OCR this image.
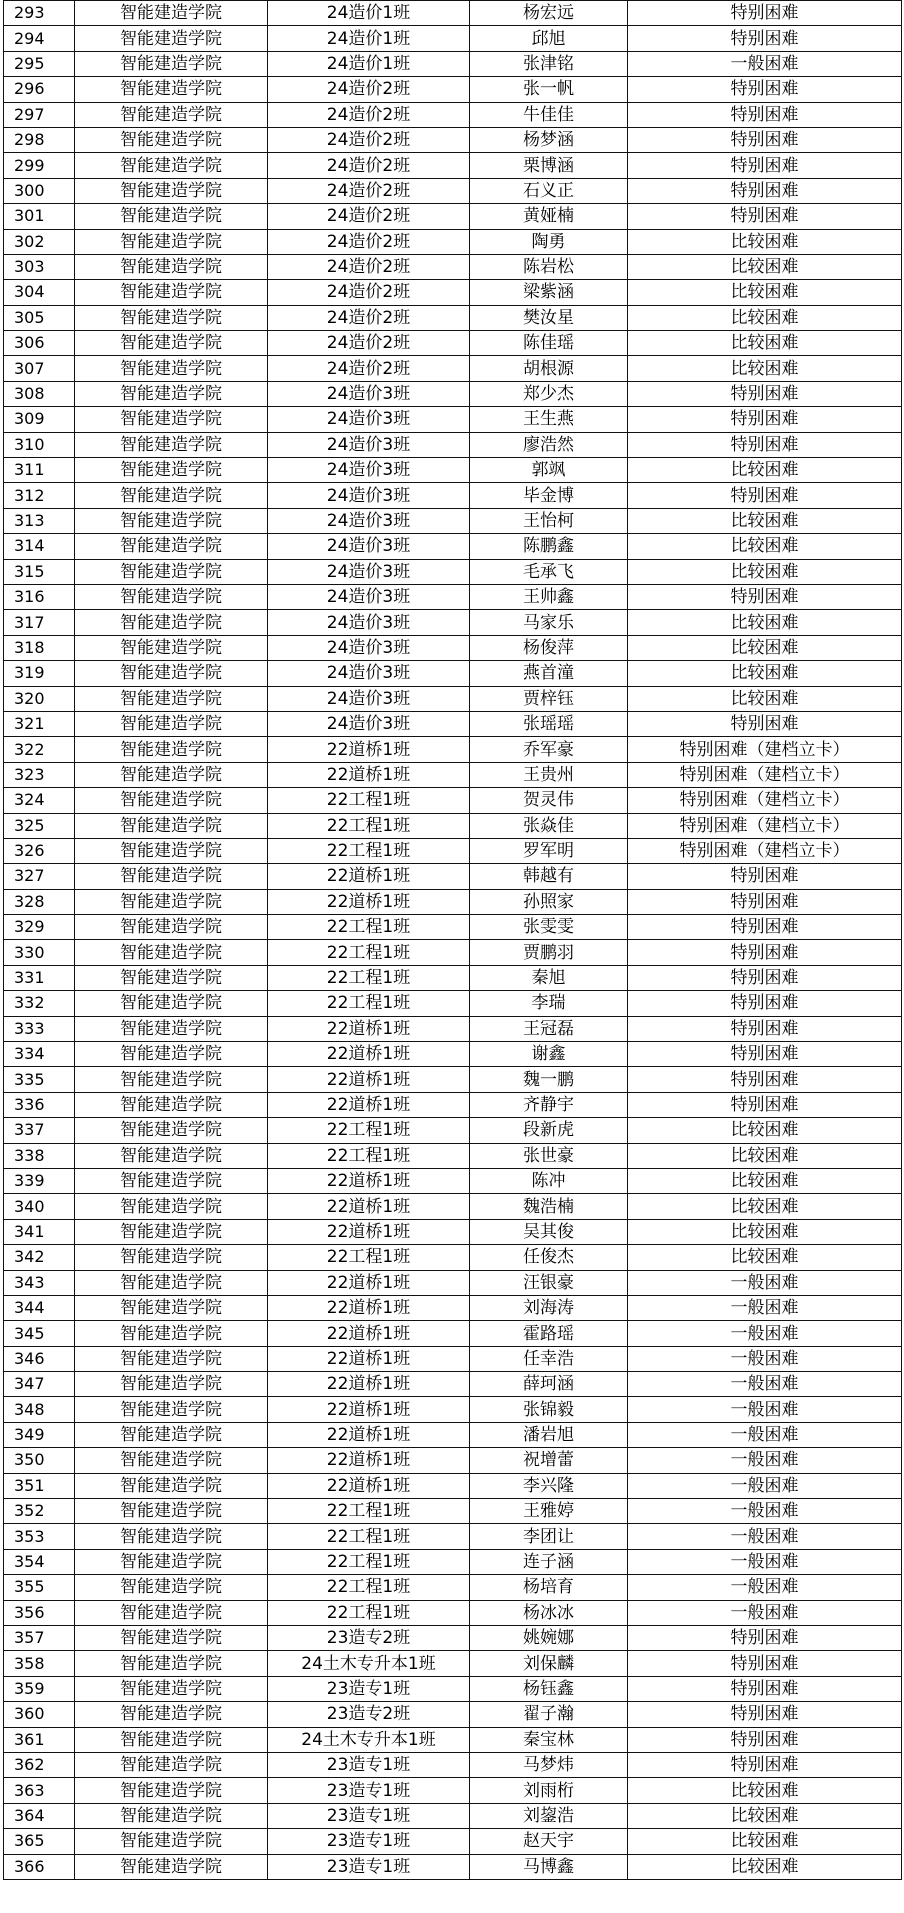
293	智能建造学院	24造价1班	杨宏远	特别困难
294	智能建造学院	24造价1班	邱旭	特别困难
295	智能建造学院	24造价1班	张津铭	一般困难
296	智能建造学院	24造价2班	张一帆	特别困难
297	智能建造学院	24造价2班	牛佳佳	特别困难
298	智能建造学院	24造价2班	杨梦涵	特别困难
299	智能建造学院	24造价2班	栗博涵	特别困难
300	智能建造学院	24造价2班	石义正	特别困难
301	智能建造学院	24造价2班	黄娅楠	特别困难
302	智能建造学院	24造价2班	陶勇	比较困难
303	智能建造学院	24造价2班	陈岩松	比较困难
304	智能建造学院	24造价2班	梁紫涵	比较困难
305	智能建造学院	24造价2班	樊汝星	比较困难
306	智能建造学院	24造价2班	陈佳瑶	比较困难
307	智能建造学院	24造价2班	胡根源	比较困难
308	智能建造学院	24造价3班	郑少杰	特别困难
309	智能建造学院	24造价3班	王生燕	特别困难
310	智能建造学院	24造价3班	廖浩然	特别困难
311	智能建造学院	24造价3班	郭飒	比较困难
312	智能建造学院	24造价3班	毕金博	特别困难
313	智能建造学院	24造价3班	王怡柯	比较困难
314	智能建造学院	24造价3班	陈鹏鑫	比较困难
315	智能建造学院	24造价3班	毛承飞	比较困难
316	智能建造学院	24造价3班	王帅鑫	特别困难
317	智能建造学院	24造价3班	马家乐	比较困难
318	智能建造学院	24造价3班	杨俊萍	比较困难
319	智能建造学院	24造价3班	燕首潼	比较困难
320	智能建造学院	24造价3班	贾梓钰	比较困难
321	智能建造学院	24造价3班	张瑶瑶	特别困难
322	智能建造学院	22道桥1班	乔军豪	特别困难（建档立卡）
323	智能建造学院	22道桥1班	王贵州	特别困难（建档立卡）
324	智能建造学院	22工程1班	贺灵伟	特别困难（建档立卡）
325	智能建造学院	22工程1班	张焱佳	特别困难（建档立卡）
326	智能建造学院	22工程1班	罗军明	特别困难（建档立卡）
327	智能建造学院	22道桥1班	韩越有	特别困难
328	智能建造学院	22道桥1班	孙照家	特别困难
329	智能建造学院	22工程1班	张雯雯	特别困难
330	智能建造学院	22工程1班	贾鹏羽	特别困难
331	智能建造学院	22工程1班	秦旭	特别困难
332	智能建造学院	22工程1班	李瑞	特别困难
333	智能建造学院	22道桥1班	王冠磊	特别困难
334	智能建造学院	22道桥1班	谢鑫	特别困难
335	智能建造学院	22道桥1班	魏一鹏	特别困难
336	智能建造学院	22道桥1班	齐静宇	特别困难
337	智能建造学院	22工程1班	段新虎	比较困难
338	智能建造学院	22工程1班	张世豪	比较困难
339	智能建造学院	22道桥1班	陈冲	比较困难
340	智能建造学院	22道桥1班	魏浩楠	比较困难
341	智能建造学院	22道桥1班	吴其俊	比较困难
342	智能建造学院	22工程1班	任俊杰	比较困难
343	智能建造学院	22道桥1班	汪银豪	一般困难
344	智能建造学院	22道桥1班	刘海涛	一般困难
345	智能建造学院	22道桥1班	霍路瑶	一般困难
346	智能建造学院	22道桥1班	任幸浩	一般困难
347	智能建造学院	22道桥1班	薛珂涵	一般困难
348	智能建造学院	22道桥1班	张锦毅	一般困难
349	智能建造学院	22道桥1班	潘岩旭	一般困难
350	智能建造学院	22道桥1班	祝增蕾	一般困难
351	智能建造学院	22道桥1班	李兴隆	一般困难
352	智能建造学院	22工程1班	王雅婷	一般困难
353	智能建造学院	22工程1班	李团让	一般困难
354	智能建造学院	22工程1班	连子涵	一般困难
355	智能建造学院	22工程1班	杨培育	一般困难
356	智能建造学院	22工程1班	杨冰冰	一般困难
357	智能建造学院	23造专2班	姚婉娜	特别困难
358	智能建造学院	24土木专升本1班	刘保麟	特别困难
359	智能建造学院	23造专1班	杨钰鑫	特别困难
360	智能建造学院	23造专2班	翟子瀚	特别困难
361	智能建造学院	24土木专升本1班	秦宝林	特别困难
362	智能建造学院	23造专1班	马梦炜	特别困难
363	智能建造学院	23造专1班	刘雨桁	比较困难
364	智能建造学院	23造专1班	刘鋆浩	比较困难
365	智能建造学院	23造专1班	赵天宇	比较困难
366	智能建造学院	23造专1班	马博鑫	比较困难
